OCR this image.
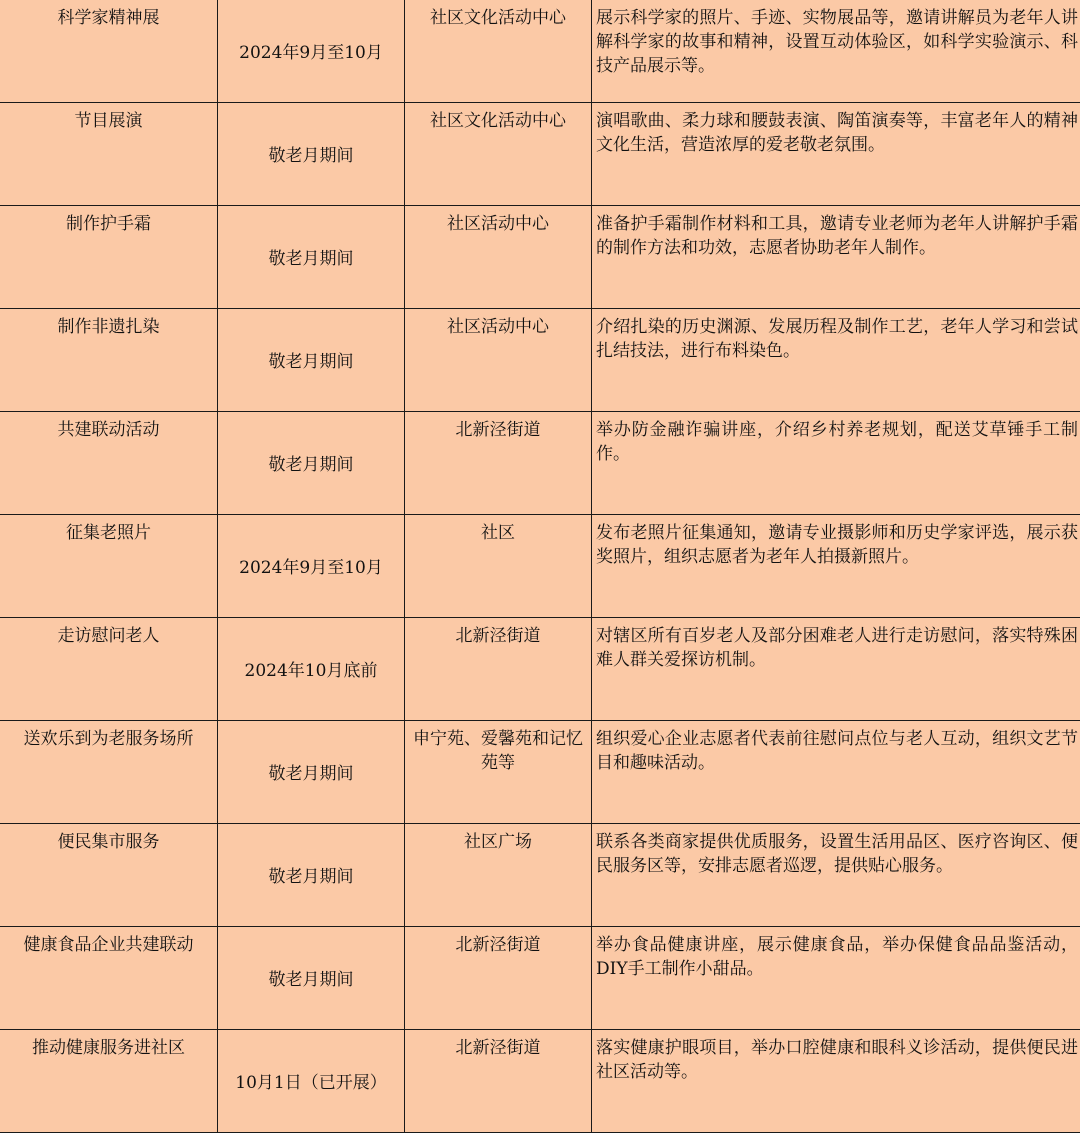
科学家精神展	2024年9月至10月	社区文化活动中心	展示科学家的照片、手迹、实物展品等，邀请讲解员为老年人讲解科学家的故事和精神，设置互动体验区，如科学实验演示、科技产品展示等。
节目展演	敬老月期间	社区文化活动中心	演唱歌曲、柔力球和腰鼓表演、陶笛演奏等，丰富老年人的精神文化生活，营造浓厚的爱老敬老氛围。
制作护手霜	敬老月期间	社区活动中心	准备护手霜制作材料和工具，邀请专业老师为老年人讲解护手霜的制作方法和功效，志愿者协助老年人制作。
制作非遗扎染	敬老月期间	社区活动中心	介绍扎染的历史渊源、发展历程及制作工艺，老年人学习和尝试扎结技法，进行布料染色。
共建联动活动	敬老月期间	北新泾街道	举办防金融诈骗讲座，介绍乡村养老规划，配送艾草锤手工制作。
征集老照片	2024年9月至10月	社区	发布老照片征集通知，邀请专业摄影师和历史学家评选，展示获奖照片，组织志愿者为老年人拍摄新照片。
走访慰问老人	2024年10月底前	北新泾街道	对辖区所有百岁老人及部分困难老人进行走访慰问，落实特殊困难人群关爱探访机制。
送欢乐到为老服务场所	敬老月期间	申宁苑、爱馨苑和记忆苑等	组织爱心企业志愿者代表前往慰问点位与老人互动，组织文艺节目和趣味活动。
便民集市服务	敬老月期间	社区广场	联系各类商家提供优质服务，设置生活用品区、医疗咨询区、便民服务区等，安排志愿者巡逻，提供贴心服务。
健康食品企业共建联动	敬老月期间	北新泾街道	举办食品健康讲座，展示健康食品，举办保健食品品鉴活动，DIY手工制作小甜品。
推动健康服务进社区	10月1日（已开展）	北新泾街道	落实健康护眼项目，举办口腔健康和眼科义诊活动，提供便民进社区活动等。
